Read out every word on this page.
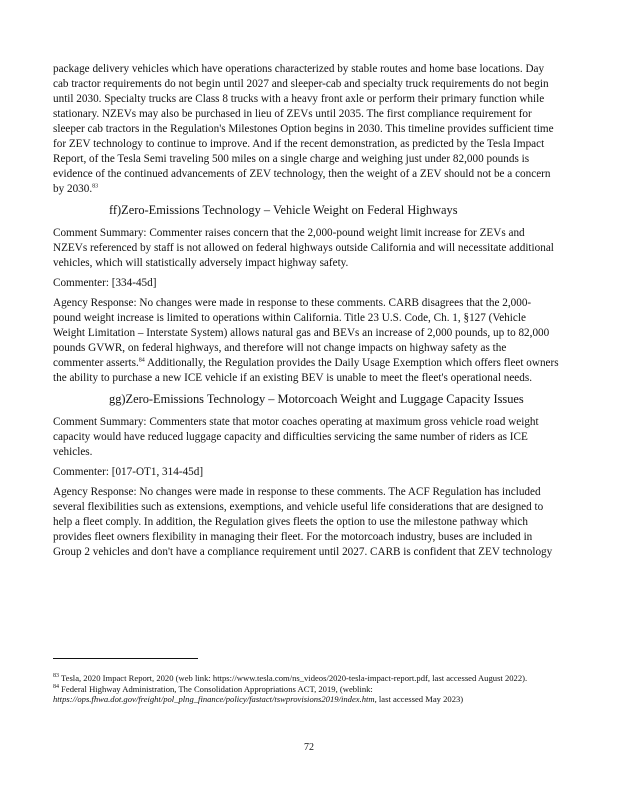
package delivery vehicles which have operations characterized by stable routes and home base locations. Day cab tractor requirements do not begin until 2027 and sleeper-cab and specialty truck requirements do not begin until 2030. Specialty trucks are Class 8 trucks with a heavy front axle or perform their primary function while stationary. NZEVs may also be purchased in lieu of ZEVs until 2035. The first compliance requirement for sleeper cab tractors in the Regulation's Milestones Option begins in 2030. This timeline provides sufficient time for ZEV technology to continue to improve. And if the recent demonstration, as predicted by the Tesla Impact Report, of the Tesla Semi traveling 500 miles on a single charge and weighing just under 82,000 pounds is evidence of the continued advancements of ZEV technology, then the weight of a ZEV should not be a concern by 2030.83

ff)Zero-Emissions Technology – Vehicle Weight on Federal Highways

Comment Summary: Commenter raises concern that the 2,000-pound weight limit increase for ZEVs and NZEVs referenced by staff is not allowed on federal highways outside California and will necessitate additional vehicles, which will statistically adversely impact highway safety.

Commenter: [334-45d]

Agency Response: No changes were made in response to these comments. CARB disagrees that the 2,000-pound weight increase is limited to operations within California. Title 23 U.S. Code, Ch. 1, §127 (Vehicle Weight Limitation – Interstate System) allows natural gas and BEVs an increase of 2,000 pounds, up to 82,000 pounds GVWR, on federal highways, and therefore will not change impacts on highway safety as the commenter asserts.$^{84}$ Additionally, the Regulation provides the Daily Usage Exemption which offers fleet owners the ability to purchase a new ICE vehicle if an existing BEV is unable to meet the fleet's operational needs.

gg)Zero-Emissions Technology – Motorcoach Weight and Luggage Capacity Issues

Comment Summary: Commenters state that motor coaches operating at maximum gross vehicle road weight capacity would have reduced luggage capacity and difficulties servicing the same number of riders as ICE vehicles.

Commenter: [017-OT1, 314-45d]

Agency Response: No changes were made in response to these comments. The ACF Regulation has included several flexibilities such as extensions, exemptions, and vehicle useful life considerations that are designed to help a fleet comply. In addition, the Regulation gives fleets the option to use the milestone pathway which provides fleet owners flexibility in managing their fleet. For the motorcoach industry, buses are included in Group 2 vehicles and don't have a compliance requirement until 2027. CARB is confident that ZEV technology

$^{83}$ Tesla, 2020 Impact Report, 2020 (web link: https://www.tesla.com/ns_videos/2020-tesla-impact-report.pdf, last accessed August 2022).

$^{84}$ Federal Highway Administration, The Consolidation Appropriations ACT, 2019, (weblink: https://ops.fhwa.dot.gov/freight/pol_plng_finance/policy/fastact/tswprovisions2019/index.htm, last accessed May 2023)

72
